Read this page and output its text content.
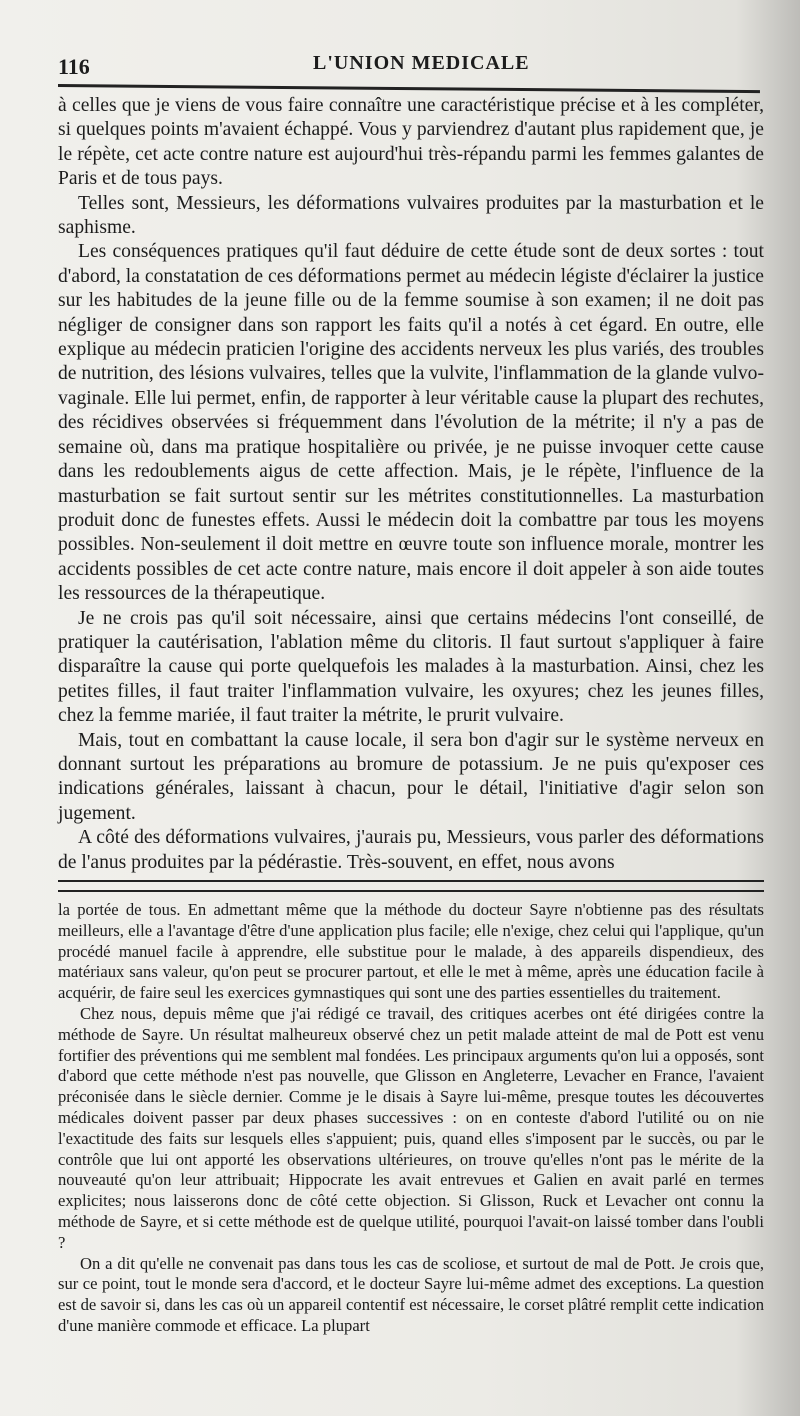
116	L'UNION MEDICALE

à celles que je viens de vous faire connaître une caractéristique précise et à les compléter, si quelques points m'avaient échappé. Vous y parviendrez d'autant plus rapidement que, je le répète, cet acte contre nature est aujourd'hui très-répandu parmi les femmes galantes de Paris et de tous pays.

Telles sont, Messieurs, les déformations vulvaires produites par la masturbation et le saphisme.

Les conséquences pratiques qu'il faut déduire de cette étude sont de deux sortes : tout d'abord, la constatation de ces déformations permet au médecin légiste d'éclairer la justice sur les habitudes de la jeune fille ou de la femme soumise à son examen; il ne doit pas négliger de consigner dans son rapport les faits qu'il a notés à cet égard. En outre, elle explique au médecin praticien l'origine des accidents nerveux les plus variés, des troubles de nutrition, des lésions vulvaires, telles que la vulvite, l'inflammation de la glande vulvo-vaginale. Elle lui permet, enfin, de rapporter à leur véritable cause la plupart des rechutes, des récidives observées si fréquemment dans l'évolution de la métrite; il n'y a pas de semaine où, dans ma pratique hospitalière ou privée, je ne puisse invoquer cette cause dans les redoublements aigus de cette affection. Mais, je le répète, l'influence de la masturbation se fait surtout sentir sur les métrites constitutionnelles. La masturbation produit donc de funestes effets. Aussi le médecin doit la combattre par tous les moyens possibles. Non-seulement il doit mettre en œuvre toute son influence morale, montrer les accidents possibles de cet acte contre nature, mais encore il doit appeler à son aide toutes les ressources de la thérapeutique.

Je ne crois pas qu'il soit nécessaire, ainsi que certains médecins l'ont conseillé, de pratiquer la cautérisation, l'ablation même du clitoris. Il faut surtout s'appliquer à faire disparaître la cause qui porte quelquefois les malades à la masturbation. Ainsi, chez les petites filles, il faut traiter l'inflammation vulvaire, les oxyures; chez les jeunes filles, chez la femme mariée, il faut traiter la métrite, le prurit vulvaire.

Mais, tout en combattant la cause locale, il sera bon d'agir sur le système nerveux en donnant surtout les préparations au bromure de potassium. Je ne puis qu'exposer ces indications générales, laissant à chacun, pour le détail, l'initiative d'agir selon son jugement.

A côté des déformations vulvaires, j'aurais pu, Messieurs, vous parler des déformations de l'anus produites par la pédérastie. Très-souvent, en effet, nous avons

la portée de tous. En admettant même que la méthode du docteur Sayre n'obtienne pas des résultats meilleurs, elle a l'avantage d'être d'une application plus facile; elle n'exige, chez celui qui l'applique, qu'un procédé manuel facile à apprendre, elle substitue pour le malade, à des appareils dispendieux, des matériaux sans valeur, qu'on peut se procurer partout, et elle le met à même, après une éducation facile à acquérir, de faire seul les exercices gymnastiques qui sont une des parties essentielles du traitement.

Chez nous, depuis même que j'ai rédigé ce travail, des critiques acerbes ont été dirigées contre la méthode de Sayre. Un résultat malheureux observé chez un petit malade atteint de mal de Pott est venu fortifier des préventions qui me semblent mal fondées. Les principaux arguments qu'on lui a opposés, sont d'abord que cette méthode n'est pas nouvelle, que Glisson en Angleterre, Levacher en France, l'avaient préconisée dans le siècle dernier. Comme je le disais à Sayre lui-même, presque toutes les découvertes médicales doivent passer par deux phases successives : on en conteste d'abord l'utilité ou on nie l'exactitude des faits sur lesquels elles s'appuient; puis, quand elles s'imposent par le succès, ou par le contrôle que lui ont apporté les observations ultérieures, on trouve qu'elles n'ont pas le mérite de la nouveauté qu'on leur attribuait; Hippocrate les avait entrevues et Galien en avait parlé en termes explicites; nous laisserons donc de côté cette objection. Si Glisson, Ruck et Levacher ont connu la méthode de Sayre, et si cette méthode est de quelque utilité, pourquoi l'avait-on laissé tomber dans l'oubli ?

On a dit qu'elle ne convenait pas dans tous les cas de scoliose, et surtout de mal de Pott. Je crois que, sur ce point, tout le monde sera d'accord, et le docteur Sayre lui-même admet des exceptions. La question est de savoir si, dans les cas où un appareil contentif est nécessaire, le corset plâtré remplit cette indication d'une manière commode et efficace. La plupart
